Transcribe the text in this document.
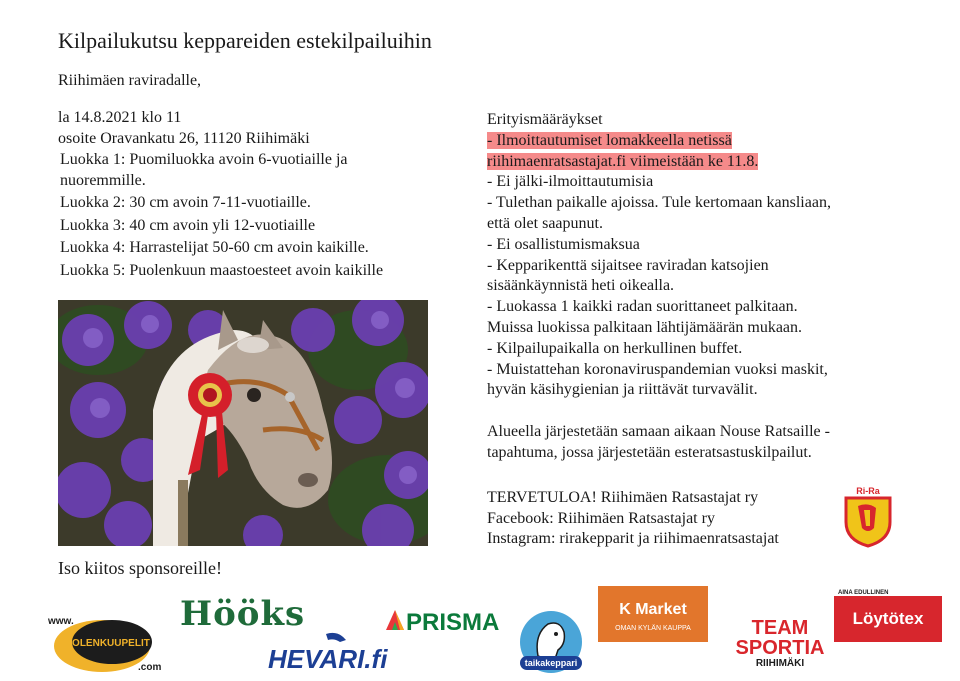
Kilpailukutsu keppareiden estekilpailuihin
Riihimäen raviradalle,
la 14.8.2021 klo 11
osoite Oravankatu 26, 11120 Riihimäki
Luokka 1: Puomiluokka avoin 6-vuotiaille ja
nuoremmille.
Luokka 2: 30 cm avoin 7-11-vuotiaille.
Luokka 3: 40 cm avoin yli 12-vuotiaille
Luokka 4: Harrastelijat 50-60 cm avoin kaikille.
Luokka 5: Puolenkuun maastoesteet avoin kaikille
Erityismääräykset
- Ilmoittautumiset lomakkeella netissä
riihimaenratsastajat.fi viimeistään ke 11.8.
- Ei jälki-ilmoittautumisia
- Tulethan paikalle ajoissa. Tule kertomaan kansliaan,
että olet saapunut.
- Ei osallistumismaksua
- Kepparikenttä sijaitsee raviradan katsojien
sisäänkäynnistä heti oikealla.
- Luokassa 1 kaikki radan suorittaneet palkitaan.
Muissa luokissa palkitaan lähtijämäärän mukaan.
- Kilpailupaikalla on herkullinen buffet.
- Muistattehan koronaviruspandemian vuoksi maskit,
hyvän käsihygienian ja riittävät turvavälit.
Alueella järjestetään samaan aikaan Nouse Ratsaille -
tapahtuma, jossa järjestetään esteratsastuskilpailut.
TERVETULOA! Riihimäen Ratsastajat ry
Facebook: Riihimäen Ratsastajat ry
Instagram: rirakepparit ja riihimaenratsastajat
Ri-Ra
Iso kiitos sponsoreille!
www.
PUOLENKUUPELIT
.com
Hööks
HEVARI.fi
PRISMA
taikakeppari
K Market
OMAN KYLÄN KAUPPA	TEAM
SPORTIA
RIIHIMÄKI
AINA EDULLINEN
Löytötex
